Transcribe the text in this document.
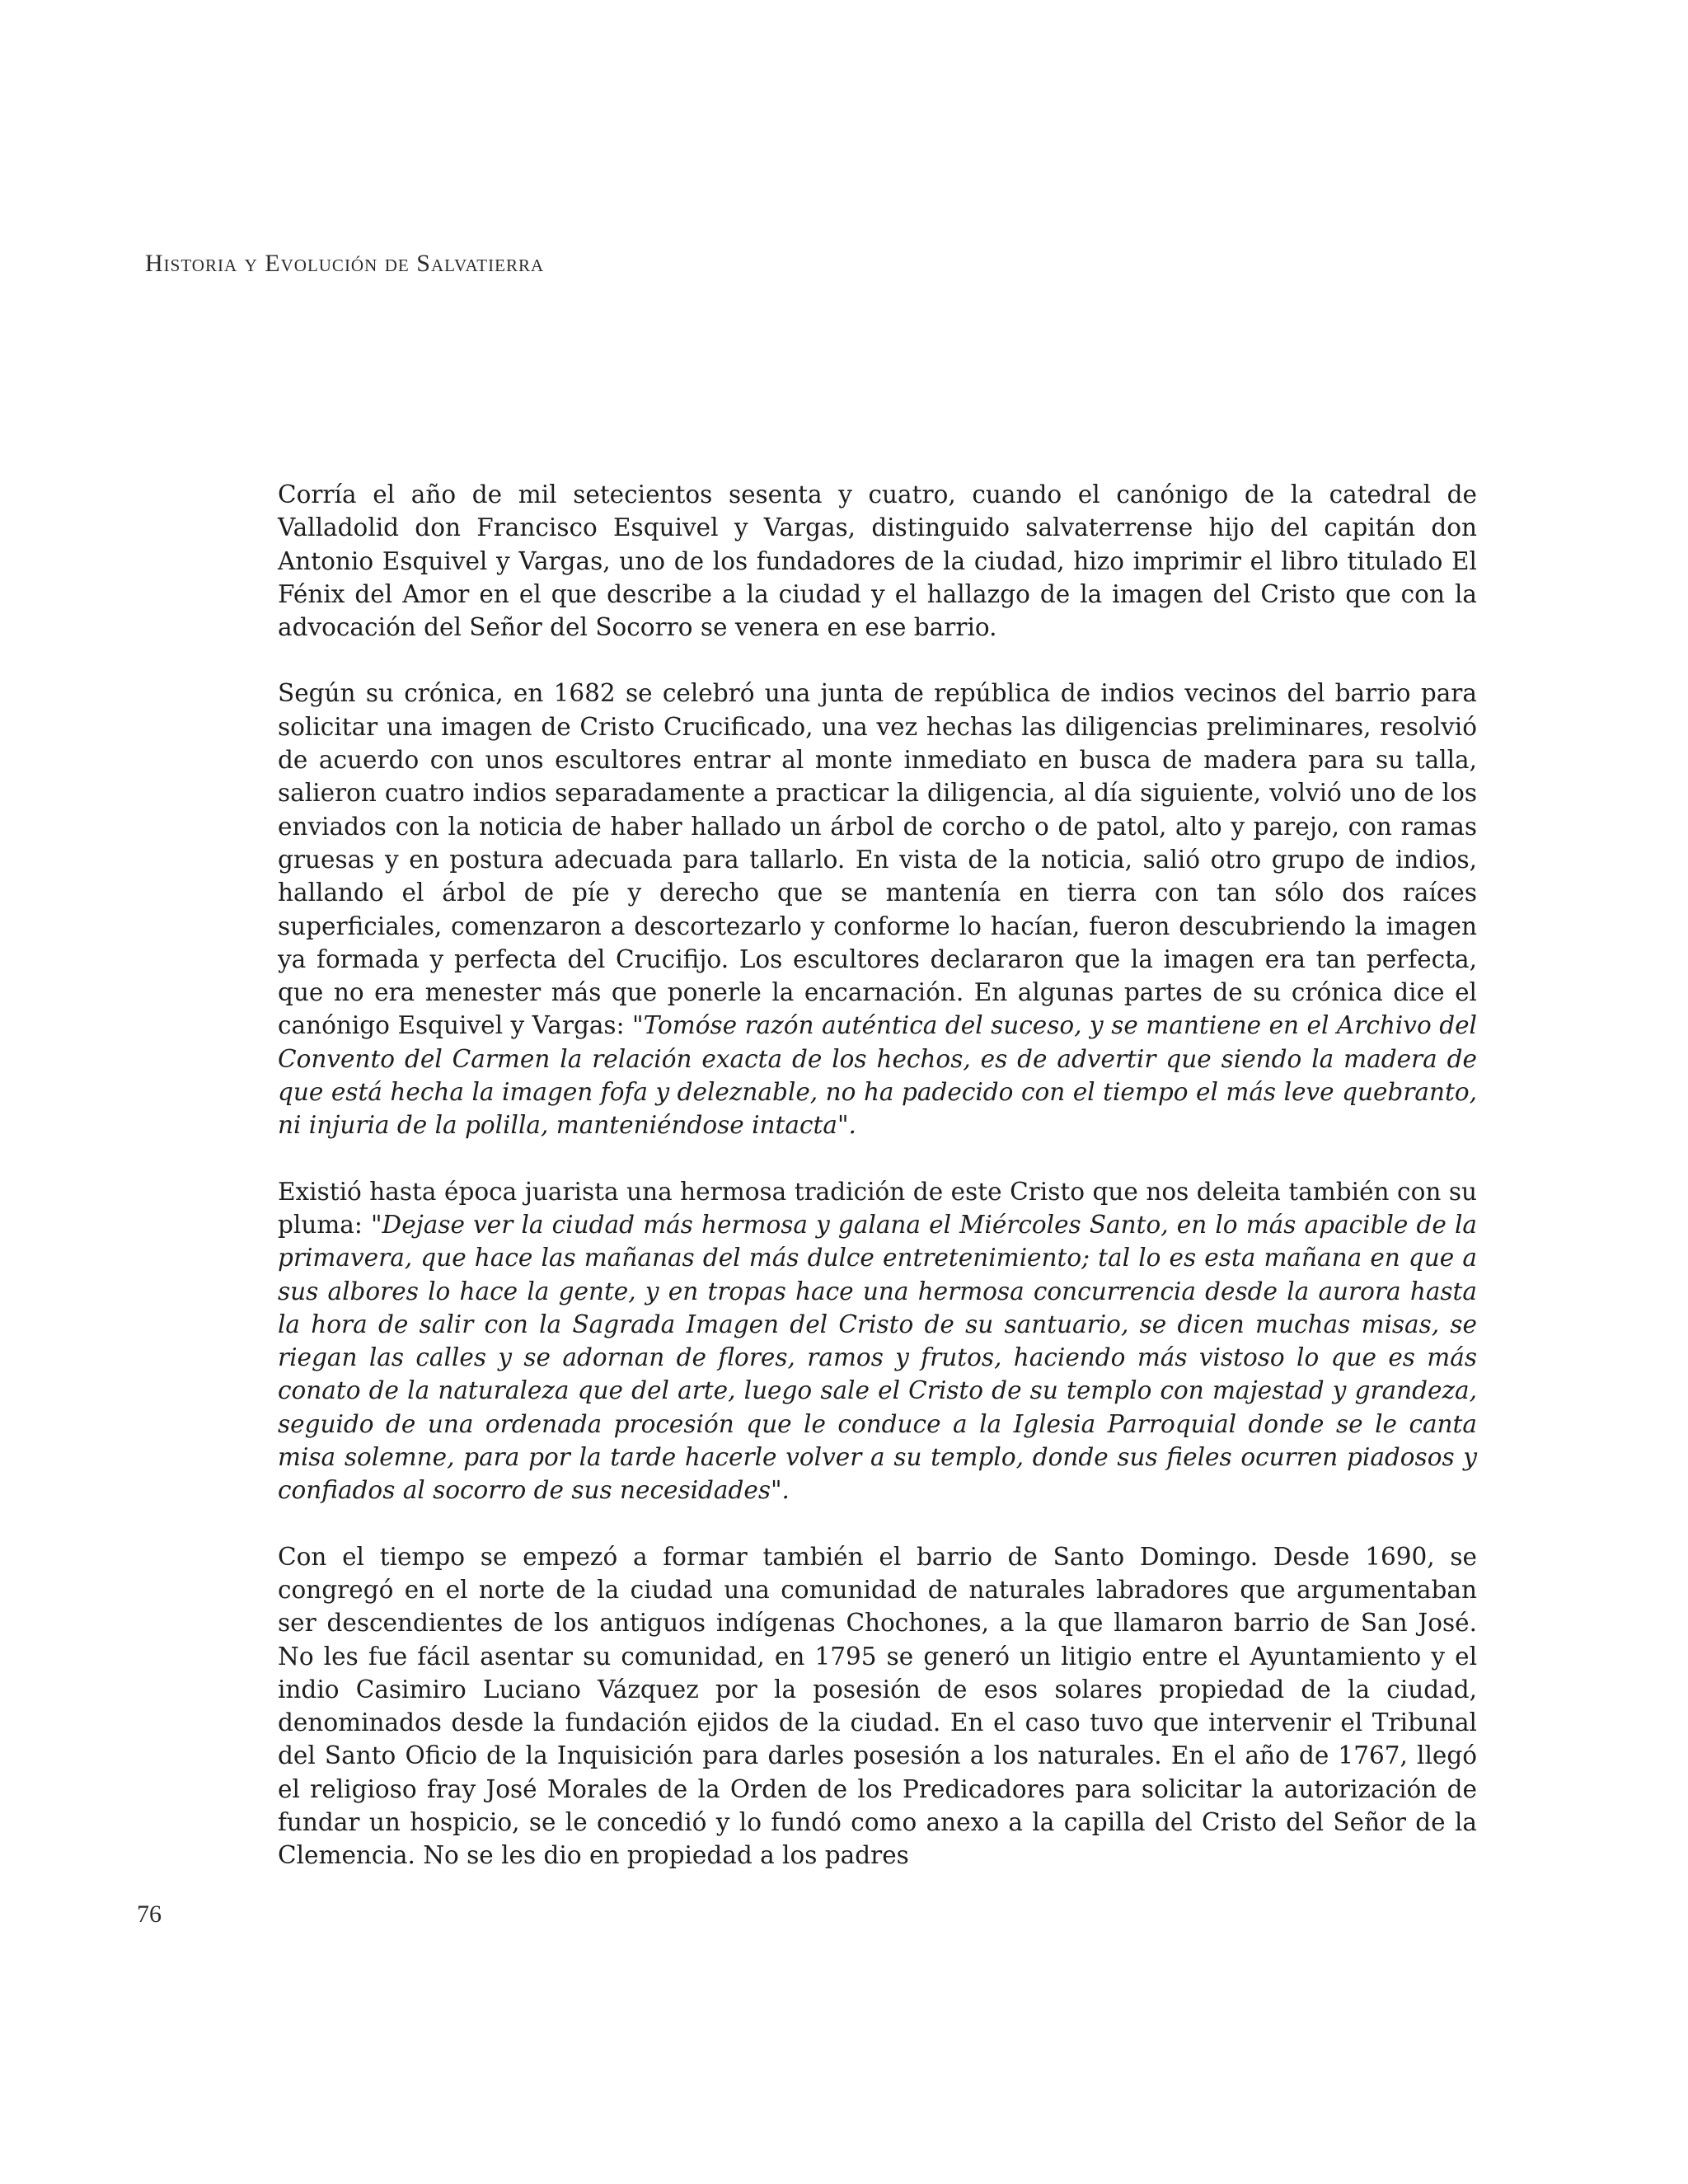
Historia y Evolución de Salvatierra

Corría el año de mil setecientos sesenta y cuatro, cuando el canónigo de la catedral de Valladolid don Francisco Esquivel y Vargas, distinguido salvaterrense hijo del capitán don Antonio Esquivel y Vargas, uno de los fundadores de la ciudad, hizo imprimir el libro titulado El Fénix del Amor en el que describe a la ciudad y el hallazgo de la imagen del Cristo que con la advocación del Señor del Socorro se venera en ese barrio.

Según su crónica, en 1682 se celebró una junta de república de indios vecinos del barrio para solicitar una imagen de Cristo Crucificado, una vez hechas las diligencias preliminares, resolvió de acuerdo con unos escultores entrar al monte inmediato en busca de madera para su talla, salieron cuatro indios separadamente a practicar la diligencia, al día siguiente, volvió uno de los enviados con la noticia de haber hallado un árbol de corcho o de patol, alto y parejo, con ramas gruesas y en postura adecuada para tallarlo. En vista de la noticia, salió otro grupo de indios, hallando el árbol de píe y derecho que se mantenía en tierra con tan sólo dos raíces superficiales, comenzaron a descortezarlo y conforme lo hacían, fueron descubriendo la imagen ya formada y perfecta del Crucifijo. Los escultores declararon que la imagen era tan perfecta, que no era menester más que ponerle la encarnación. En algunas partes de su crónica dice el canónigo Esquivel y Vargas: "Tomóse razón auténtica del suceso, y se mantiene en el Archivo del Convento del Carmen la relación exacta de los hechos, es de advertir que siendo la madera de que está hecha la imagen fofa y deleznable, no ha padecido con el tiempo el más leve quebranto, ni injuria de la polilla, manteniéndose intacta".

Existió hasta época juarista una hermosa tradición de este Cristo que nos deleita también con su pluma: "Dejase ver la ciudad más hermosa y galana el Miércoles Santo, en lo más apacible de la primavera, que hace las mañanas del más dulce entretenimiento; tal lo es esta mañana en que a sus albores lo hace la gente, y en tropas hace una hermosa concurrencia desde la aurora hasta la hora de salir con la Sagrada Imagen del Cristo de su santuario, se dicen muchas misas, se riegan las calles y se adornan de flores, ramos y frutos, haciendo más vistoso lo que es más conato de la naturaleza que del arte, luego sale el Cristo de su templo con majestad y grandeza, seguido de una ordenada procesión que le conduce a la Iglesia Parroquial donde se le canta misa solemne, para por la tarde hacerle volver a su templo, donde sus fieles ocurren piadosos y confiados al socorro de sus necesidades".

Con el tiempo se empezó a formar también el barrio de Santo Domingo. Desde 1690, se congregó en el norte de la ciudad una comunidad de naturales labradores que argumentaban ser descendientes de los antiguos indígenas Chochones, a la que llamaron barrio de San José. No les fue fácil asentar su comunidad, en 1795 se generó un litigio entre el Ayuntamiento y el indio Casimiro Luciano Vázquez por la posesión de esos solares propiedad de la ciudad, denominados desde la fundación ejidos de la ciudad. En el caso tuvo que intervenir el Tribunal del Santo Oficio de la Inquisición para darles posesión a los naturales. En el año de 1767, llegó el religioso fray José Morales de la Orden de los Predicadores para solicitar la autorización de fundar un hospicio, se le concedió y lo fundó como anexo a la capilla del Cristo del Señor de la Clemencia. No se les dio en propiedad a los padres

76
